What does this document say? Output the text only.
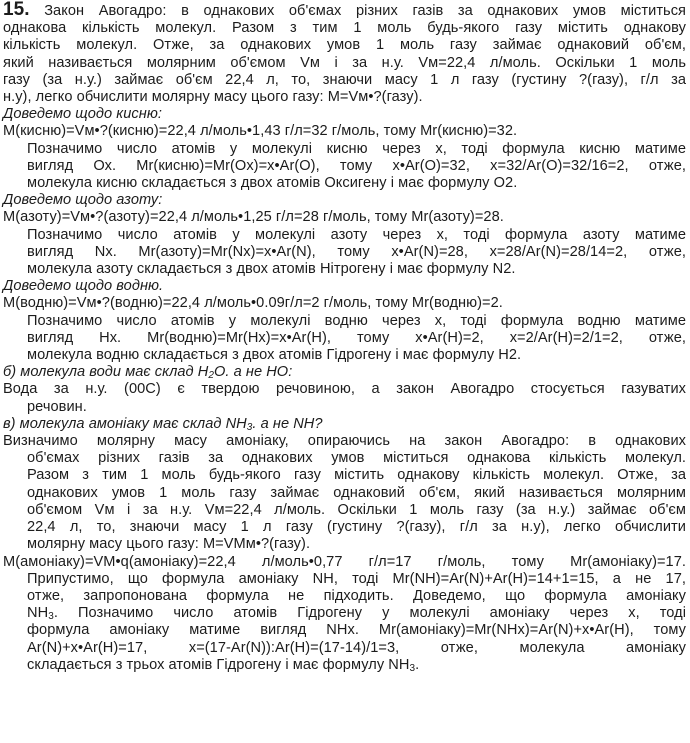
15. Закон Авогадро: в однакових об'ємах різних газів за однакових умов міститься
однакова кількість молекул. Разом з тим 1 моль будь-якого газу містить однакову
кількість молекул. Отже, за однакових умов 1 моль газу займає однаковий об'єм,
який називається молярним об'ємом Vм і за н.у. Vм=22,4 л/моль. Оскільки 1 моль
газу (за н.у.) займає об'єм 22,4 л, то, знаючи масу 1 л газу (густину ?(газу), г/л за
н.у), легко обчислити молярну масу цього газу: М=Vм•?(газу).
Доведемо щодо кисню:
M(кисню)=Vм•?(кисню)=22,4 л/моль•1,43 г/л=32 г/моль, тому Mr(кисню)=32.
Позначимо число атомів у молекулі кисню через х, тоді формула кисню матиме
вигляд Ох. Mr(кисню)=Mr(Ox)=x•Ar(O), тому x•Ar(O)=32, x=32/Ar(O)=32/16=2, отже,
молекула кисню складається з двох атомів Оксигену і має формулу O2.
Доведемо щодо азоту:
M(азоту)=Vм•?(азоту)=22,4 л/моль•1,25 г/л=28 г/моль, тому Mr(азоту)=28.
Позначимо число атомів у молекулі азоту через х, тоді формула азоту матиме
вигляд Nх. Mr(азоту)=Mr(Nx)=x•Ar(N), тому x•Ar(N)=28, x=28/Ar(N)=28/14=2, отже,
молекула азоту складається з двох атомів Нітрогену і має формулу N2.
Доведемо щодо водню.
M(водню)=Vм•?(водню)=22,4 л/моль•0.09г/л=2 г/моль, тому Mr(водню)=2.
Позначимо число атомів у молекулі водню через х, тоді формула водню матиме
вигляд Нх. Mr(водню)=Mr(Hx)=x•Ar(H), тому x•Ar(H)=2, x=2/Ar(H)=2/1=2, отже,
молекула водню складається з двох атомів Гідрогену і має формулу H2.
б) молекула води має склад $H_2O$. а не HO:
Вода за н.у. (00С) є твердою речовиною, а закон Авогадро стосується газуватих
речовин.
в) молекула амоніаку має склад $NH_3$. а не NH?
Визначимо молярну масу амоніаку, опираючись на закон Авогадро: в однакових
об'ємах різних газів за однакових умов міститься однакова кількість молекул.
Разом з тим 1 моль будь-якого газу містить однакову кількість молекул. Отже, за
однакових умов 1 моль газу займає однаковий об'єм, який називається молярним
об'ємом Vм і за н.у. Vм=22,4 л/моль. Оскільки 1 моль газу (за н.у.) займає об'єм
22,4 л, то, знаючи масу 1 л газу (густину ?(газу), г/л за н.у), легко обчислити
молярну масу цього газу: М=VМм•?(газу).
М(амоніаку)=VМ•q(амоніаку)=22,4 л/моль•0,77 г/л=17 г/моль, тому Mr(амоніаку)=17.
Припустимо, що формула амоніаку NH, тоді Mr(NH)=Ar(N)+Ar(H)=14+1=15, а не 17,
отже, запропонована формула не підходить. Доведемо, що формула амоніаку
$NH_3$. Позначимо число атомів Гідрогену у молекулі амоніаку через х, тоді
формула амоніаку матиме вигляд NHx. Mr(амоніаку)=Mr(NHx)=Ar(N)+x•Ar(H), тому
Ar(N)+x•Ar(H)=17, x=(17-Ar(N)):Ar(H)=(17-14)/1=3, отже, молекула амоніаку
складається з трьох атомів Гідрогену і має формулу $NH_3$.
